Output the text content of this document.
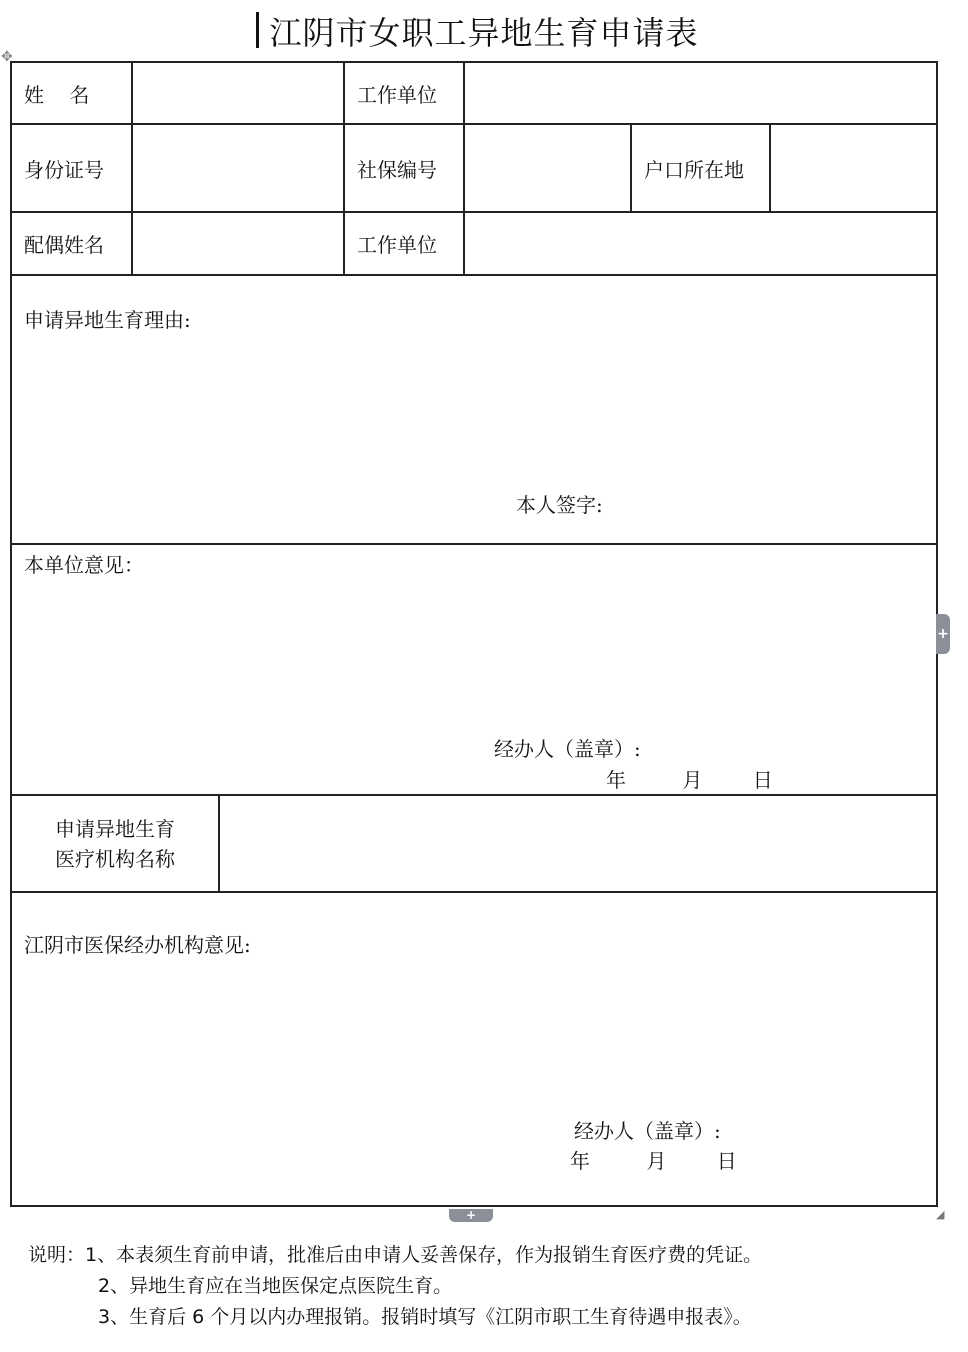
江阴市女职工异地生育申请表
✥
姓    名		工作单位			
身份证号		社保编号		户口所在地	
配偶姓名		工作单位			

申请异地生育理由:
本人签字:					

本单位意见：
经办人（盖章）:
年 月 日					

申请异地生育
医疗机构名称					

江阴市医保经办机构意见:
经办人（盖章）:
年 月 日					
+
+	◢
说明：1、本表须生育前申请，批准后由申请人妥善保存，作为报销生育医疗费的凭证。
2、异地生育应在当地医保定点医院生育。
3、生育后 6 个月以内办理报销。报销时填写《江阴市职工生育待遇申报表》。
